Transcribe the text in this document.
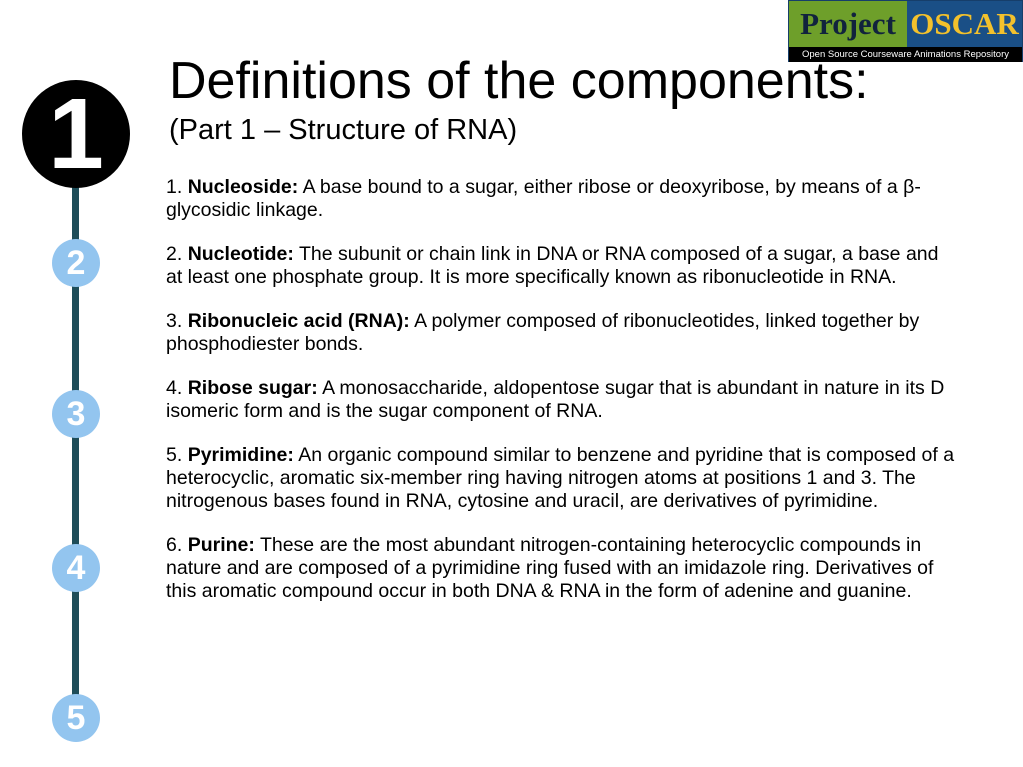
Project OSCAR
Open Source Courseware Animations Repository
1
2
3
4
5
Definitions of the components:
(Part 1 – Structure of RNA)

1. Nucleoside: A base bound to a sugar, either ribose or deoxyribose, by means of a β-glycosidic linkage.

2. Nucleotide: The subunit or chain link in DNA or RNA composed of a sugar, a base and at least one phosphate group. It is more specifically known as ribonucleotide in RNA.

3. Ribonucleic acid (RNA): A polymer composed of ribonucleotides, linked together by phosphodiester bonds.

4. Ribose sugar: A monosaccharide, aldopentose sugar that is abundant in nature in its D isomeric form and is the sugar component of RNA.

5. Pyrimidine: An organic compound similar to benzene and pyridine that is composed of a heterocyclic, aromatic six-member ring having nitrogen atoms at positions 1 and 3. The nitrogenous bases found in RNA, cytosine and uracil, are derivatives of pyrimidine.

6. Purine: These are the most abundant nitrogen-containing heterocyclic compounds in nature and are composed of a pyrimidine ring fused with an imidazole ring. Derivatives of this aromatic compound occur in both DNA & RNA in the form of adenine and guanine.
